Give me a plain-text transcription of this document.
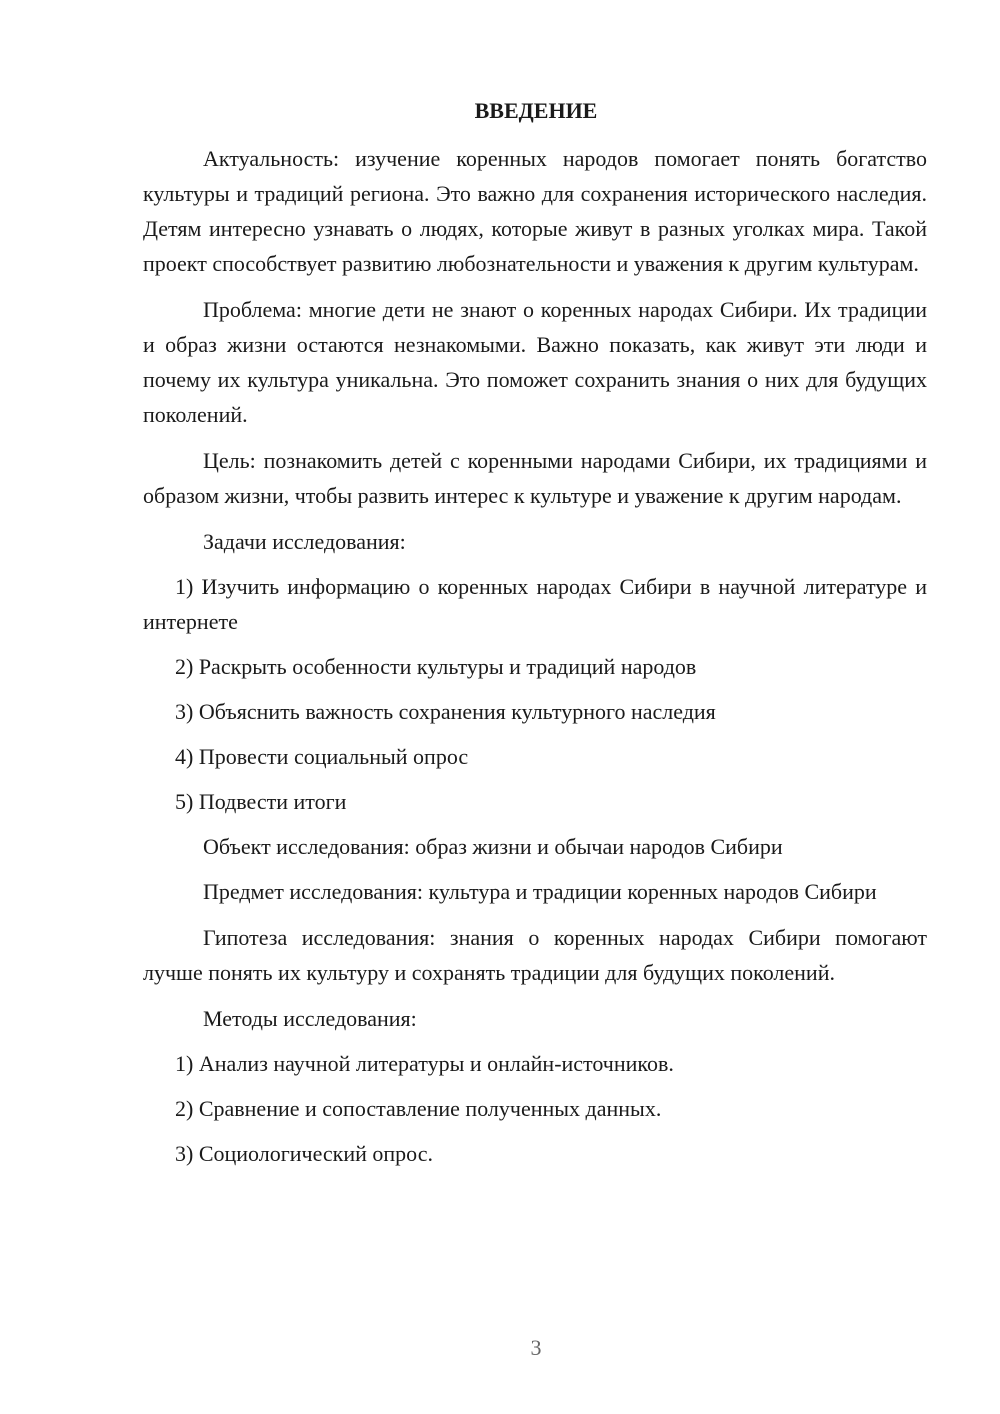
ВВЕДЕНИЕ

Актуальность: изучение коренных народов помогает понять богатство культуры и традиций региона. Это важно для сохранения исторического наследия. Детям интересно узнавать о людях, которые живут в разных уголках мира. Такой проект способствует развитию любознательности и уважения к другим культурам.

Проблема: многие дети не знают о коренных народах Сибири. Их традиции и образ жизни остаются незнакомыми. Важно показать, как живут эти люди и почему их культура уникальна. Это поможет сохранить знания о них для будущих поколений.

Цель: познакомить детей с коренными народами Сибири, их традициями и образом жизни, чтобы развить интерес к культуре и уважение к другим народам.

Задачи исследования:

1) Изучить информацию о коренных народах Сибири в научной литературе и интернете

2) Раскрыть особенности культуры и традиций народов

3) Объяснить важность сохранения культурного наследия

4) Провести социальный опрос

5) Подвести итоги

Объект исследования: образ жизни и обычаи народов Сибири

Предмет исследования: культура и традиции коренных народов Сибири

Гипотеза исследования: знания о коренных народах Сибири помогают лучше понять их культуру и сохранять традиции для будущих поколений.

Методы исследования:

1) Анализ научной литературы и онлайн-источников.

2) Сравнение и сопоставление полученных данных.

3) Социологический опрос.

3
